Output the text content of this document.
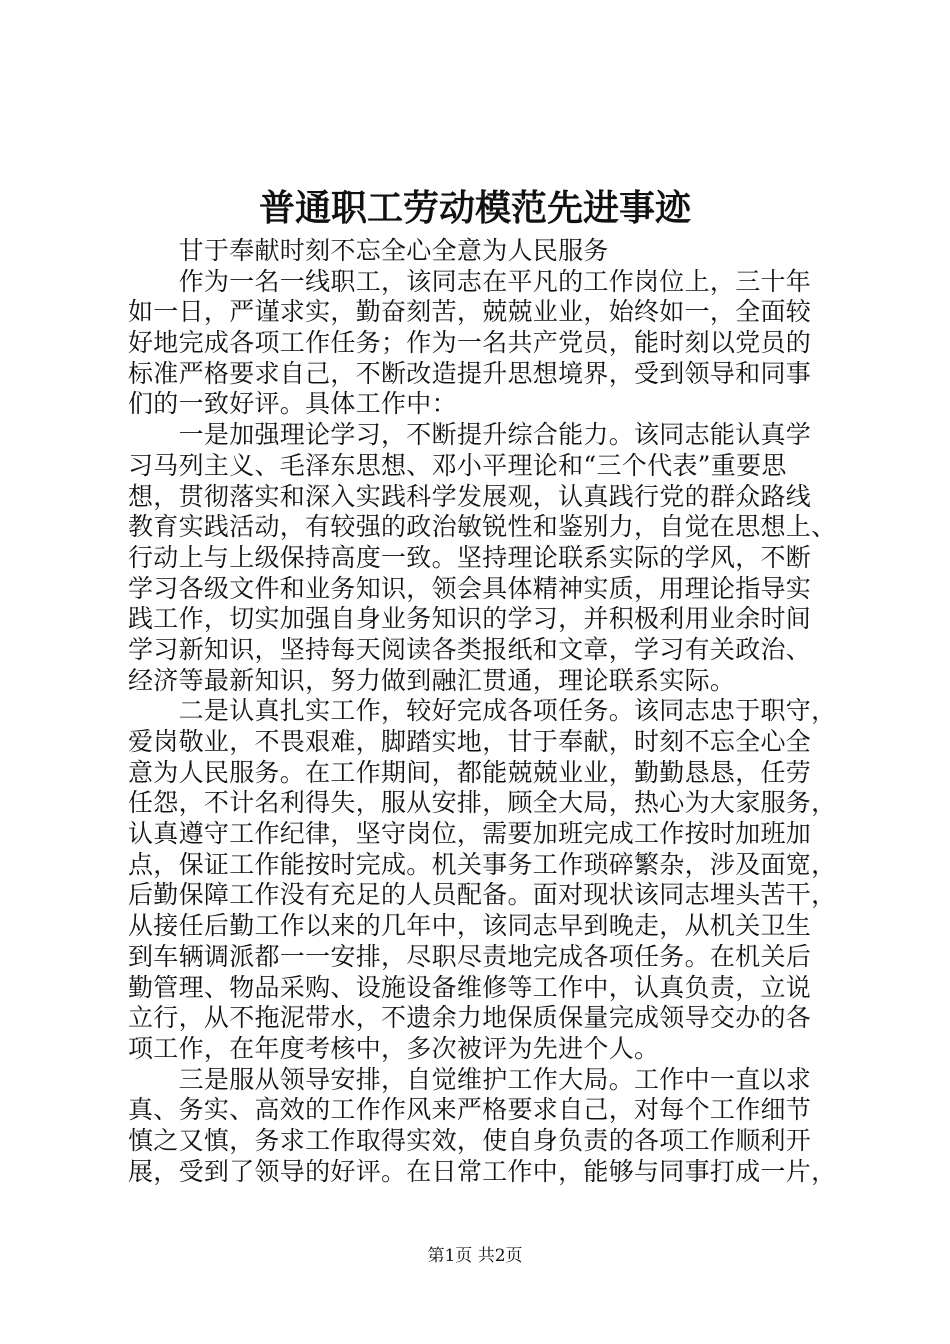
普通职工劳动模范先进事迹
　　甘于奉献时刻不忘全心全意为人民服务
　　作为一名一线职工，该同志在平凡的工作岗位上，三十年
如一日，严谨求实，勤奋刻苦，兢兢业业，始终如一，全面较
好地完成各项工作任务；作为一名共产党员，能时刻以党员的
标准严格要求自己，不断改造提升思想境界，受到领导和同事
们的一致好评。具体工作中：
　　一是加强理论学习，不断提升综合能力。该同志能认真学
习马列主义、毛泽东思想、邓小平理论和“三个代表”重要思
想，贯彻落实和深入实践科学发展观，认真践行党的群众路线
教育实践活动，有较强的政治敏锐性和鉴别力，自觉在思想上、
行动上与上级保持高度一致。坚持理论联系实际的学风，不断
学习各级文件和业务知识，领会具体精神实质，用理论指导实
践工作，切实加强自身业务知识的学习，并积极利用业余时间
学习新知识，坚持每天阅读各类报纸和文章，学习有关政治、
经济等最新知识，努力做到融汇贯通，理论联系实际。
　　二是认真扎实工作，较好完成各项任务。该同志忠于职守，
爱岗敬业，不畏艰难，脚踏实地，甘于奉献，时刻不忘全心全
意为人民服务。在工作期间，都能兢兢业业，勤勤恳恳，任劳
任怨，不计名利得失，服从安排，顾全大局，热心为大家服务，
认真遵守工作纪律，坚守岗位，需要加班完成工作按时加班加
点，保证工作能按时完成。机关事务工作琐碎繁杂，涉及面宽，
后勤保障工作没有充足的人员配备。面对现状该同志埋头苦干，
从接任后勤工作以来的几年中，该同志早到晚走，从机关卫生
到车辆调派都一一安排，尽职尽责地完成各项任务。在机关后
勤管理、物品采购、设施设备维修等工作中，认真负责，立说
立行，从不拖泥带水，不遗余力地保质保量完成领导交办的各
项工作，在年度考核中，多次被评为先进个人。
　　三是服从领导安排，自觉维护工作大局。工作中一直以求
真、务实、高效的工作作风来严格要求自己，对每个工作细节
慎之又慎，务求工作取得实效，使自身负责的各项工作顺利开
展，受到了领导的好评。在日常工作中，能够与同事打成一片，
第1页 共2页
